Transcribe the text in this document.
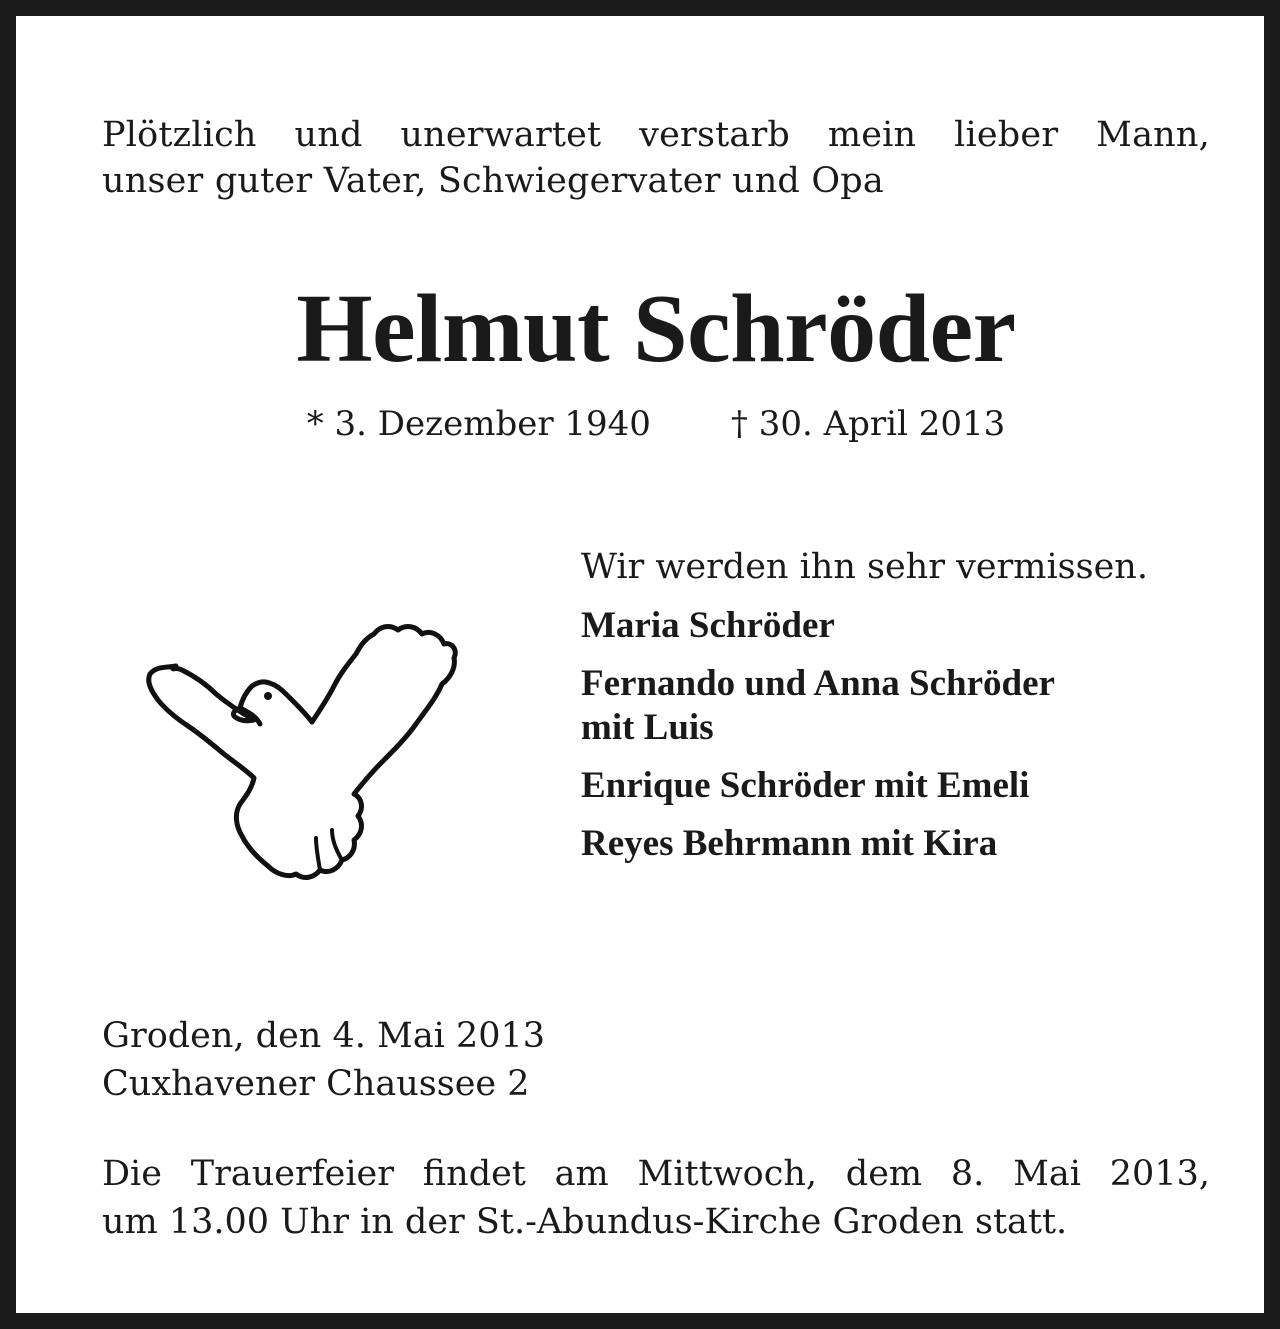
Plötzlich und unerwartet verstarb mein lieber Mann,
unser guter Vater, Schwiegervater und Opa
Helmut Schröder
* 3. Dezember 1940 † 30. April 2013
Wir werden ihn sehr vermissen.
Maria Schröder
Fernando und Anna Schröder
mit Luis
Enrique Schröder mit Emeli
Reyes Behrmann mit Kira
Groden, den 4. Mai 2013
Cuxhavener Chaussee 2
Die Trauerfeier findet am Mittwoch, dem 8. Mai 2013,
um 13.00 Uhr in der St.-Abundus-Kirche Groden statt.
